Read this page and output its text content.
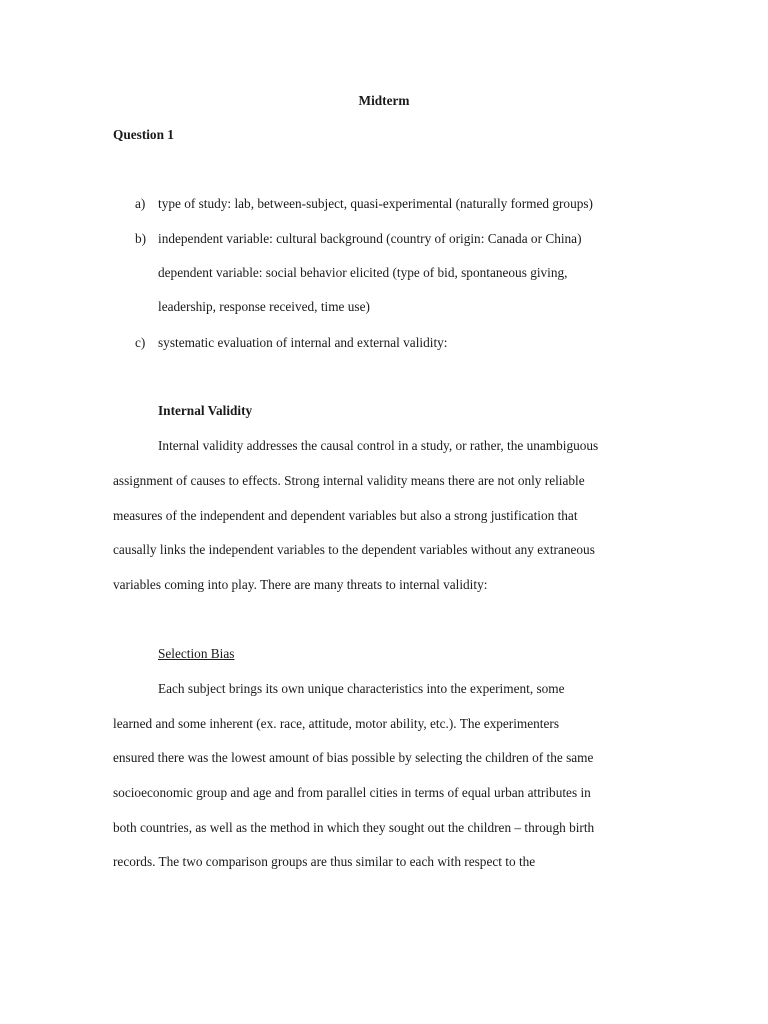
Midterm
Question 1
a) type of study: lab, between-subject, quasi-experimental (naturally formed groups)
b) independent variable: cultural background (country of origin: Canada or China)
dependent variable: social behavior elicited (type of bid, spontaneous giving,
leadership, response received, time use)
c) systematic evaluation of internal and external validity:
Internal Validity
Internal validity addresses the causal control in a study, or rather, the unambiguous
assignment of causes to effects. Strong internal validity means there are not only reliable
measures of the independent and dependent variables but also a strong justification that
causally links the independent variables to the dependent variables without any extraneous
variables coming into play. There are many threats to internal validity:
Selection Bias
Each subject brings its own unique characteristics into the experiment, some
learned and some inherent (ex. race, attitude, motor ability, etc.). The experimenters
ensured there was the lowest amount of bias possible by selecting the children of the same
socioeconomic group and age and from parallel cities in terms of equal urban attributes in
both countries, as well as the method in which they sought out the children – through birth
records. The two comparison groups are thus similar to each with respect to the
